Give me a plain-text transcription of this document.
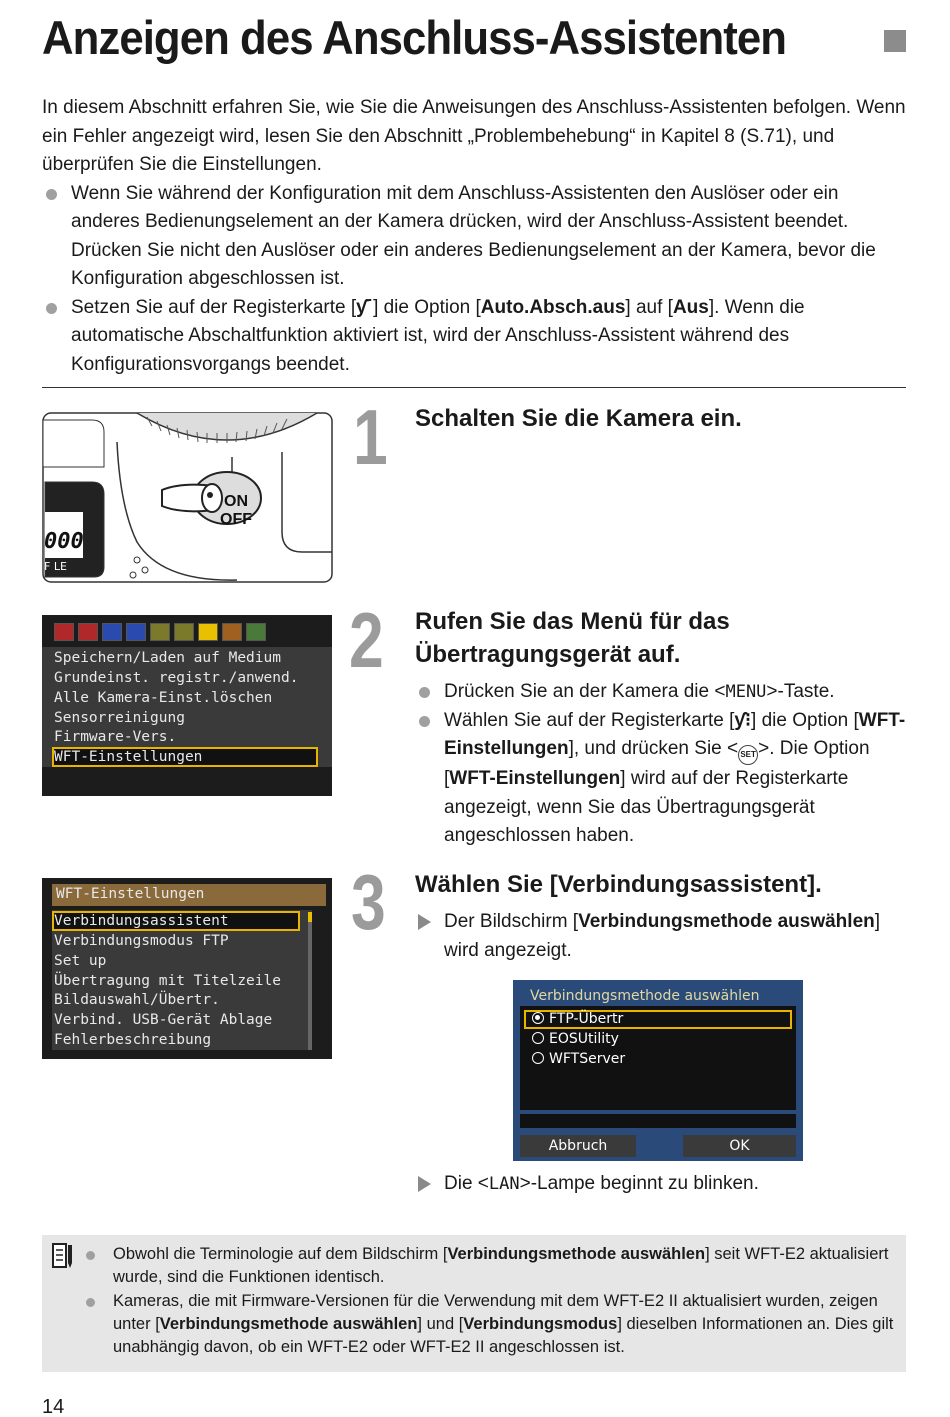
Anzeigen des Anschluss-Assistenten

In diesem Abschnitt erfahren Sie, wie Sie die Anweisungen des Anschluss-Assistenten befolgen. Wenn ein Fehler angezeigt wird, lesen Sie den Abschnitt „Problembehebung“ in Kapitel 8 (S.71), und überprüfen Sie die Einstellungen.

Wenn Sie während der Konfiguration mit dem Anschluss-Assistenten den Auslöser oder ein anderes Bedienungselement an der Kamera drücken, wird der Anschluss-Assistent beendet. Drücken Sie nicht den Auslöser oder ein anderes Bedienungselement an der Kamera, bevor die Konfiguration abgeschlossen ist.

Setzen Sie auf der Registerkarte [ƴ˙] die Option [Auto.Absch.aus] auf [Aus]. Wenn die automatische Abschaltfunktion aktiviert ist, wird der Anschluss-Assistent während des Konfigurationsvorgangs beendet.

000
F LE
ON
OFF
1 Schalten Sie die Kamera ein.
Speichern/Laden auf Medium
Grundeinst. registr./anwend.
Alle Kamera-Einst.löschen
Sensorreinigung
Firmware-Vers.
WFT-Einstellungen
2 Rufen Sie das Menü für das
Übertragungsgerät auf.

Drücken Sie an der Kamera die <MENU>-Taste.

Wählen Sie auf der Registerkarte [ƴ⁝] die Option [WFT-Einstellungen], und drücken Sie < SET >. Die Option [WFT-Einstellungen] wird auf der Registerkarte angezeigt, wenn Sie das Übertragungsgerät angeschlossen haben.

WFT-Einstellungen
Verbindungsassistent
Verbindungsmodus FTP
Set up
Übertragung mit Titelzeile
Bildauswahl/Übertr.
Verbind. USB-Gerät Ablage
Fehlerbeschreibung
3 Wählen Sie [Verbindungsassistent].

Der Bildschirm [Verbindungsmethode auswählen] wird angezeigt.

Verbindungsmethode auswählen
FTP-Übertr
EOSUtility
WFTServer
Abbruch	OK

Die <LAN>-Lampe beginnt zu blinken.

Obwohl die Terminologie auf dem Bildschirm [Verbindungsmethode auswählen] seit WFT-E2 aktualisiert wurde, sind die Funktionen identisch.

Kameras, die mit Firmware-Versionen für die Verwendung mit dem WFT-E2 II aktualisiert wurden, zeigen unter [Verbindungsmethode auswählen] und [Verbindungsmodus] dieselben Informationen an. Dies gilt unabhängig davon, ob ein WFT-E2 oder WFT-E2 II angeschlossen ist.

14
